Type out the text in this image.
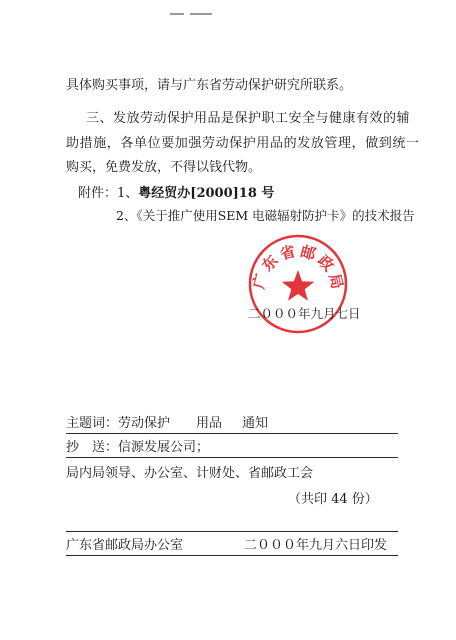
具体购买事项，请与广东省劳动保护研究所联系。
三、发放劳动保护用品是保护职工安全与健康有效的辅
助措施，各单位要加强劳动保护用品的发放管理，做到统一
购买，免费发放，不得以钱代物。
附件：1、粤经贸办[2000]18 号
2、《关于推广使用SEM 电磁辐射防护卡》的技术报告
广 东 省 邮 政 局
二０００年九月七日
主题词：劳动保护 用品 通知
抄　送：信源发展公司；
局内局领导、办公室、计财处、省邮政工会
（共印 44 份）
广东省邮政局办公室	二０００年九月六日印发
